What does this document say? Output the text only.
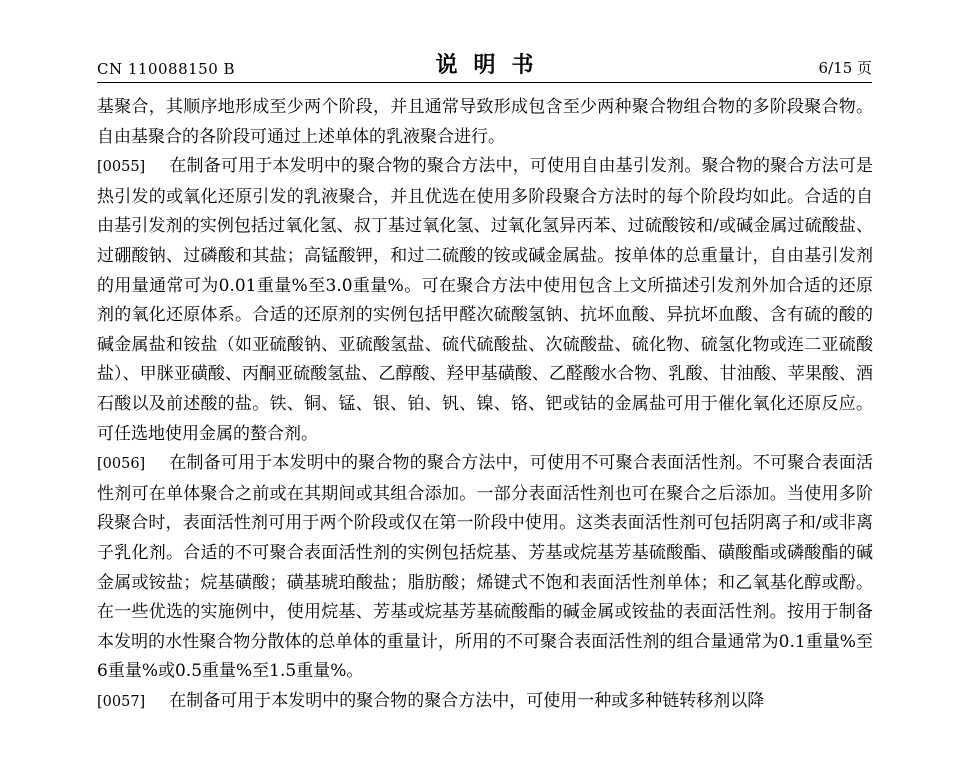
CN 110088150 B	说明书	6/15 页

基聚合，其顺序地形成至少两个阶段，并且通常导致形成包含至少两种聚合物组合物的多阶段聚合物。自由基聚合的各阶段可通过上述单体的乳液聚合进行。

[0055] 在制备可用于本发明中的聚合物的聚合方法中，可使用自由基引发剂。聚合物的聚合方法可是热引发的或氧化还原引发的乳液聚合，并且优选在使用多阶段聚合方法时的每个阶段均如此。合适的自由基引发剂的实例包括过氧化氢、叔丁基过氧化氢、过氧化氢异丙苯、过硫酸铵和/或碱金属过硫酸盐、过硼酸钠、过磷酸和其盐；高锰酸钾，和过二硫酸的铵或碱金属盐。按单体的总重量计，自由基引发剂的用量通常可为0.01重量%至3.0重量%。可在聚合方法中使用包含上文所描述引发剂外加合适的还原剂的氧化还原体系。合适的还原剂的实例包括甲醛次硫酸氢钠、抗坏血酸、异抗坏血酸、含有硫的酸的碱金属盐和铵盐（如亚硫酸钠、亚硫酸氢盐、硫代硫酸盐、次硫酸盐、硫化物、硫氢化物或连二亚硫酸盐）、甲脒亚磺酸、丙酮亚硫酸氢盐、乙醇酸、羟甲基磺酸、乙醛酸水合物、乳酸、甘油酸、苹果酸、酒石酸以及前述酸的盐。铁、铜、锰、银、铂、钒、镍、铬、钯或钴的金属盐可用于催化氧化还原反应。可任选地使用金属的螯合剂。

[0056] 在制备可用于本发明中的聚合物的聚合方法中，可使用不可聚合表面活性剂。不可聚合表面活性剂可在单体聚合之前或在其期间或其组合添加。一部分表面活性剂也可在聚合之后添加。当使用多阶段聚合时，表面活性剂可用于两个阶段或仅在第一阶段中使用。这类表面活性剂可包括阴离子和/或非离子乳化剂。合适的不可聚合表面活性剂的实例包括烷基、芳基或烷基芳基硫酸酯、磺酸酯或磷酸酯的碱金属或铵盐；烷基磺酸；磺基琥珀酸盐；脂肪酸；烯键式不饱和表面活性剂单体；和乙氧基化醇或酚。在一些优选的实施例中，使用烷基、芳基或烷基芳基硫酸酯的碱金属或铵盐的表面活性剂。按用于制备本发明的水性聚合物分散体的总单体的重量计，所用的不可聚合表面活性剂的组合量通常为0.1重量%至6重量%或0.5重量%至1.5重量%。

[0057] 在制备可用于本发明中的聚合物的聚合方法中，可使用一种或多种链转移剂以降
